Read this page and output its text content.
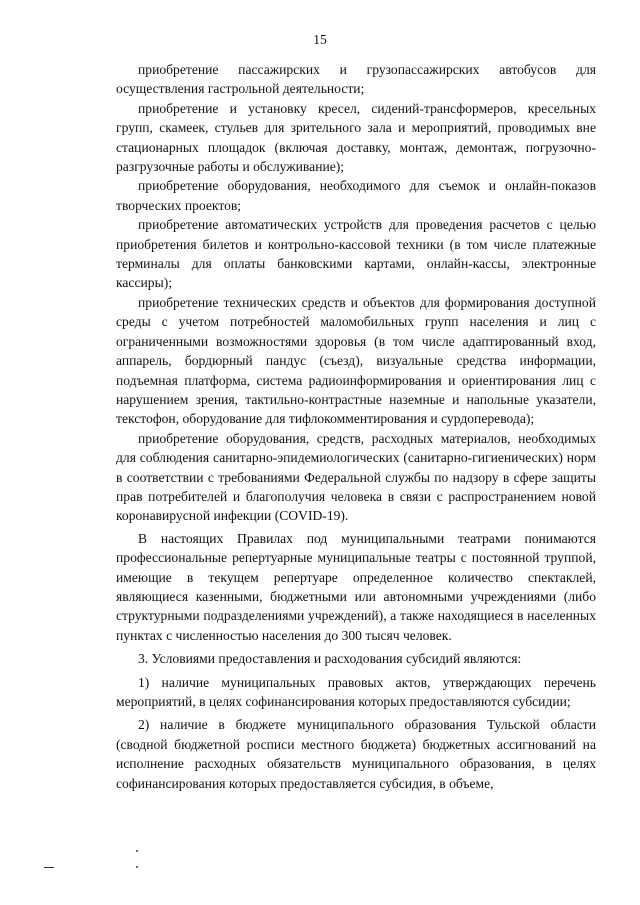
15

приобретение пассажирских и грузопассажирских автобусов для осуществления гастрольной деятельности;

приобретение и установку кресел, сидений-трансформеров, кресельных групп, скамеек, стульев для зрительного зала и мероприятий, проводимых вне стационарных площадок (включая доставку, монтаж, демонтаж, погрузочно-разгрузочные работы и обслуживание);

приобретение оборудования, необходимого для съемок и онлайн-показов творческих проектов;

приобретение автоматических устройств для проведения расчетов с целью приобретения билетов и контрольно-кассовой техники (в том числе платежные терминалы для оплаты банковскими картами, онлайн-кассы, электронные кассиры);

приобретение технических средств и объектов для формирования доступной среды с учетом потребностей маломобильных групп населения и лиц с ограниченными возможностями здоровья (в том числе адаптированный вход, аппарель, бордюрный пандус (съезд), визуальные средства информации, подъемная платформа, система радиоинформирования и ориентирования лиц с нарушением зрения, тактильно-контрастные наземные и напольные указатели, текстофон, оборудование для тифлокомментирования и сурдоперевода);

приобретение оборудования, средств, расходных материалов, необходимых для соблюдения санитарно-эпидемиологических (санитарно-гигиенических) норм в соответствии с требованиями Федеральной службы по надзору в сфере защиты прав потребителей и благополучия человека в связи с распространением новой коронавирусной инфекции (COVID-19).

В настоящих Правилах под муниципальными театрами понимаются профессиональные репертуарные муниципальные театры с постоянной труппой, имеющие в текущем репертуаре определенное количество спектаклей, являющиеся казенными, бюджетными или автономными учреждениями (либо структурными подразделениями учреждений), а также находящиеся в населенных пунктах с численностью населения до 300 тысяч человек.

3. Условиями предоставления и расходования субсидий являются:

1) наличие муниципальных правовых актов, утверждающих перечень мероприятий, в целях софинансирования которых предоставляются субсидии;

2) наличие в бюджете муниципального образования Тульской области (сводной бюджетной росписи местного бюджета) бюджетных ассигнований на исполнение расходных обязательств муниципального образования, в целях софинансирования которых предоставляется субсидия, в объеме,
